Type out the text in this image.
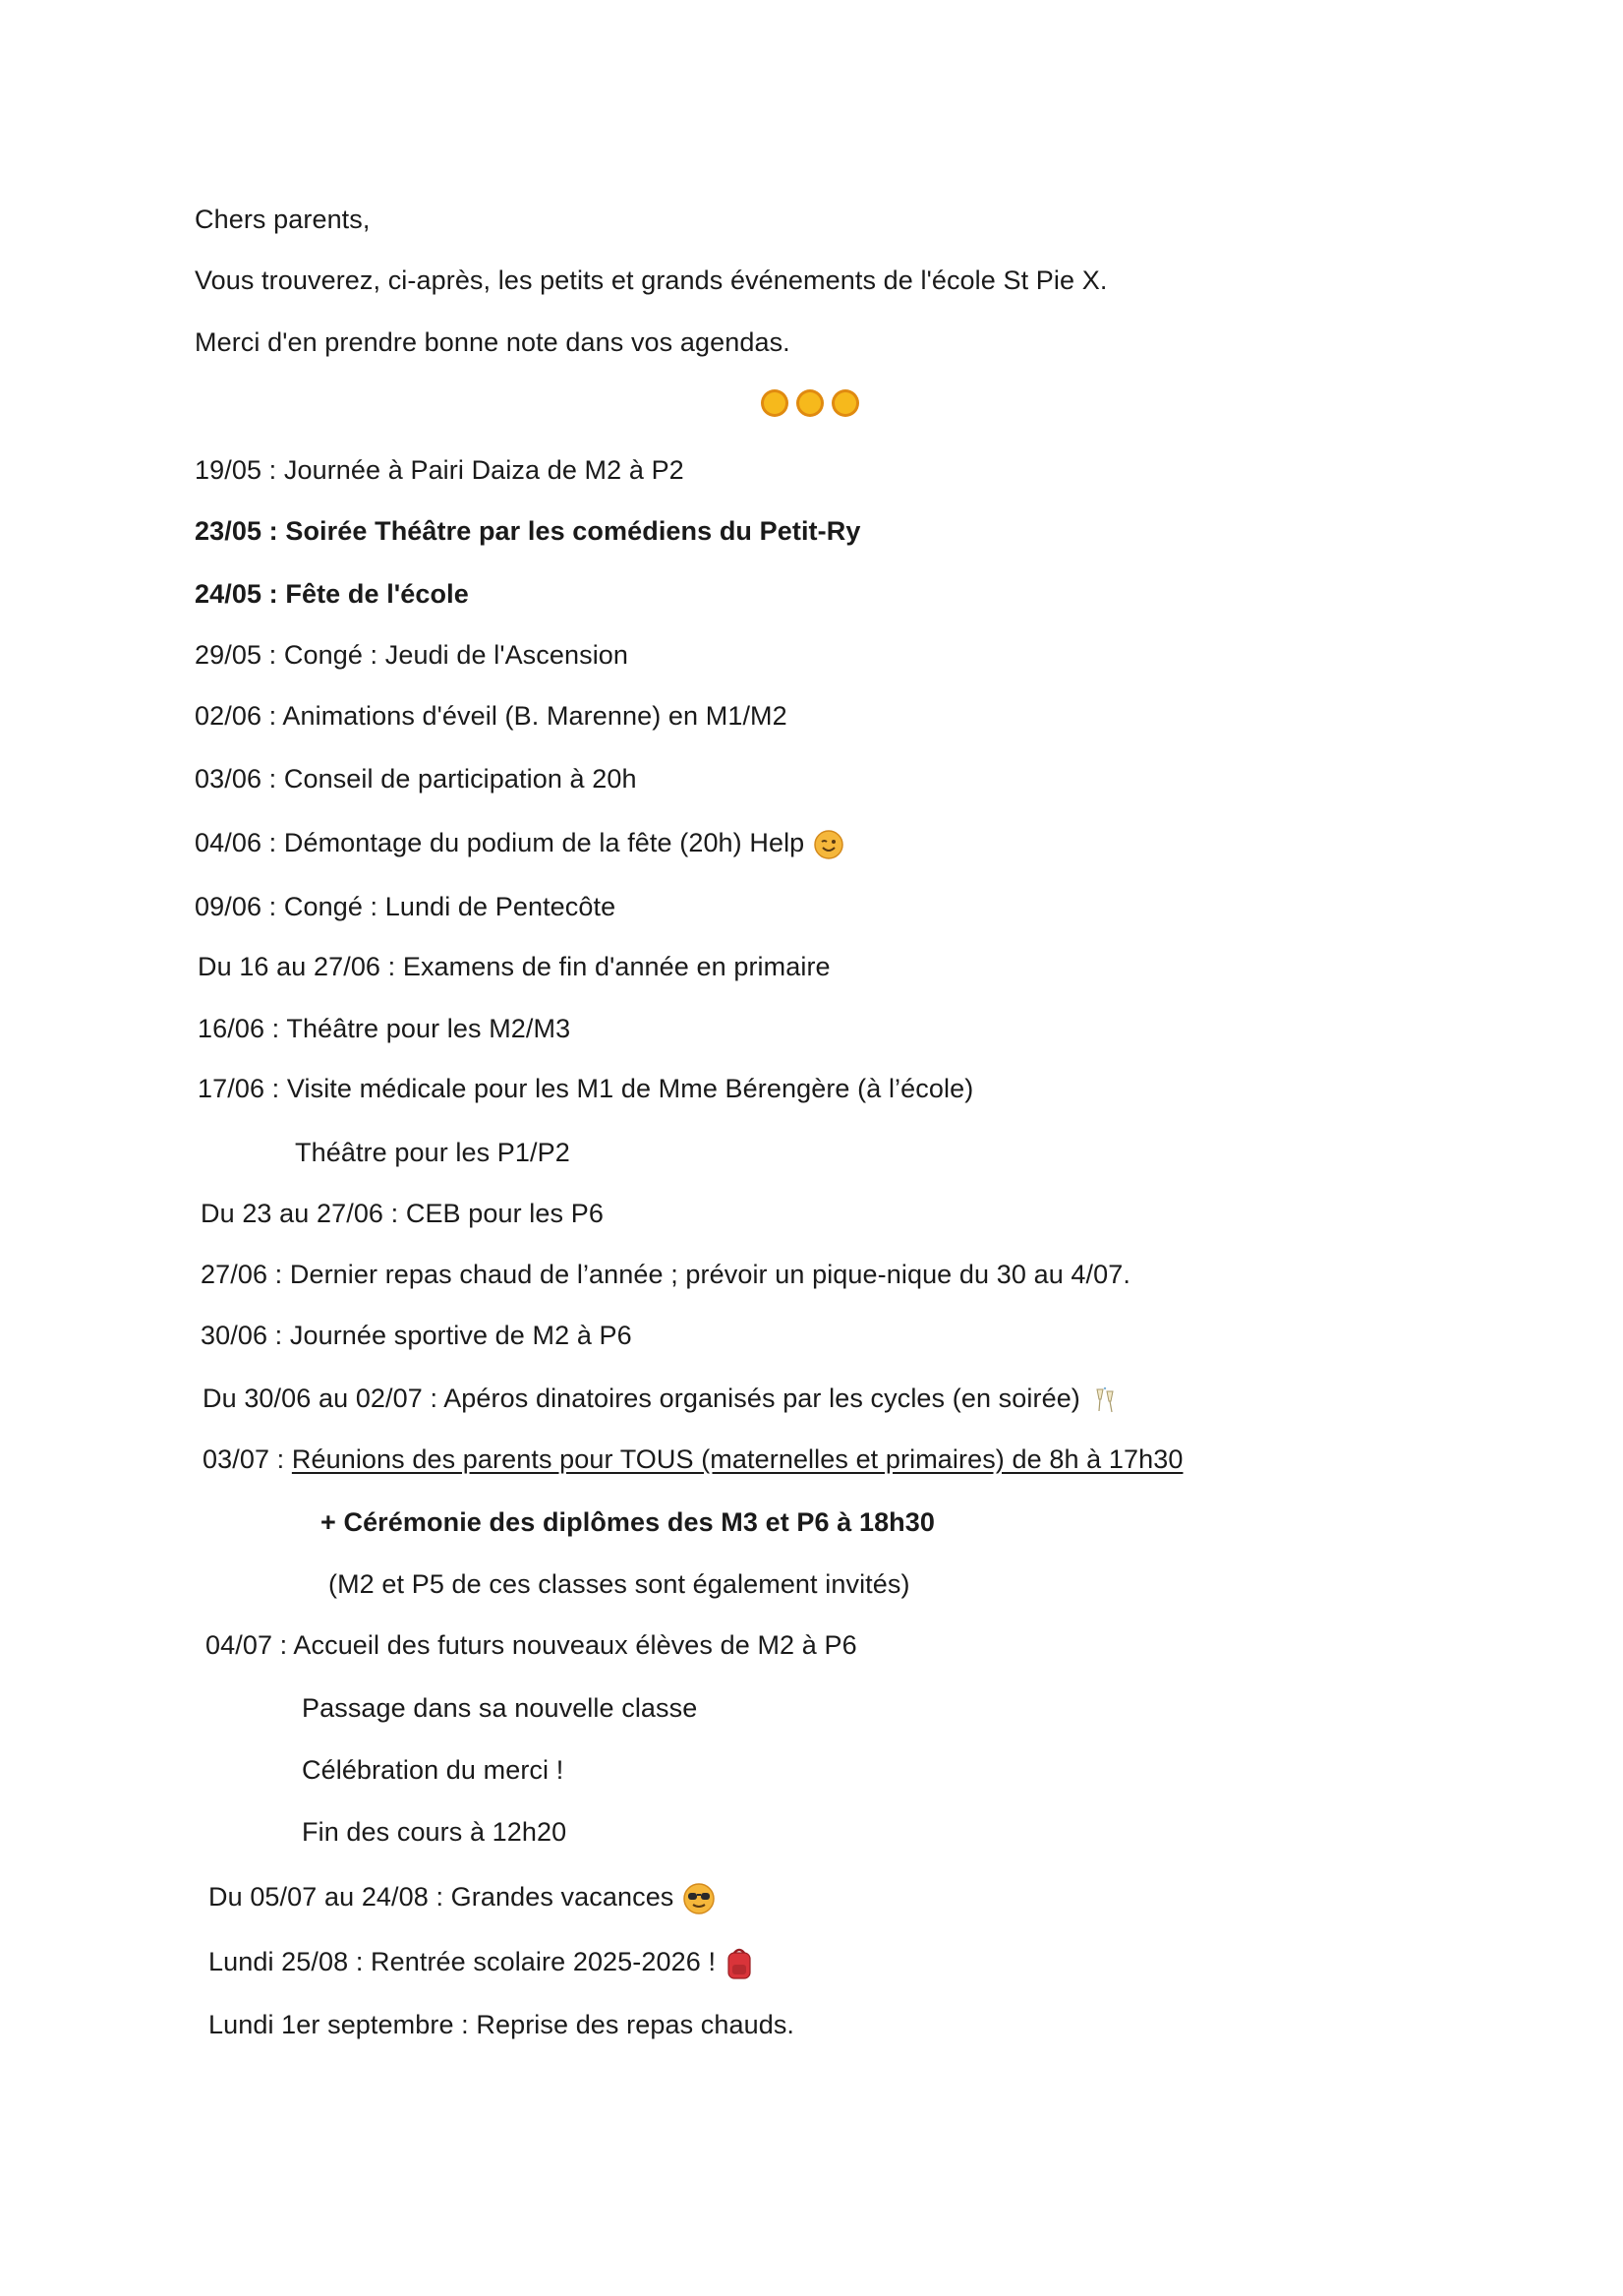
Chers parents,
Vous trouverez, ci-après, les petits et grands événements de l'école St Pie X.
Merci d'en prendre bonne note dans vos agendas.
19/05 : Journée à Pairi Daiza de M2 à P2
23/05 : Soirée Théâtre par les comédiens du Petit-Ry
24/05 : Fête de l'école
29/05 : Congé : Jeudi de l'Ascension
02/06 : Animations d'éveil (B. Marenne) en M1/M2
03/06 : Conseil de participation à 20h
04/06 : Démontage du podium de la fête (20h) Help
09/06 : Congé : Lundi de Pentecôte
Du 16 au 27/06 : Examens de fin d'année en primaire
16/06 : Théâtre pour les M2/M3
17/06 : Visite médicale pour les M1 de Mme Bérengère (à l’école)
Théâtre pour les P1/P2
Du 23 au 27/06 : CEB pour les P6
27/06 : Dernier repas chaud de l’année ; prévoir un pique-nique du 30 au 4/07.
30/06 : Journée sportive de M2 à P6
Du 30/06 au 02/07 : Apéros dinatoires organisés par les cycles (en soirée)
03/07 : Réunions des parents pour TOUS (maternelles et primaires) de 8h à 17h30
+ Cérémonie des diplômes des M3 et P6 à 18h30
(M2 et P5 de ces classes sont également invités)
04/07 : Accueil des futurs nouveaux élèves de M2 à P6
Passage dans sa nouvelle classe
Célébration du merci !
Fin des cours à 12h20
Du 05/07 au 24/08 : Grandes vacances
Lundi 25/08 : Rentrée scolaire 2025-2026 !
Lundi 1er septembre : Reprise des repas chauds.
